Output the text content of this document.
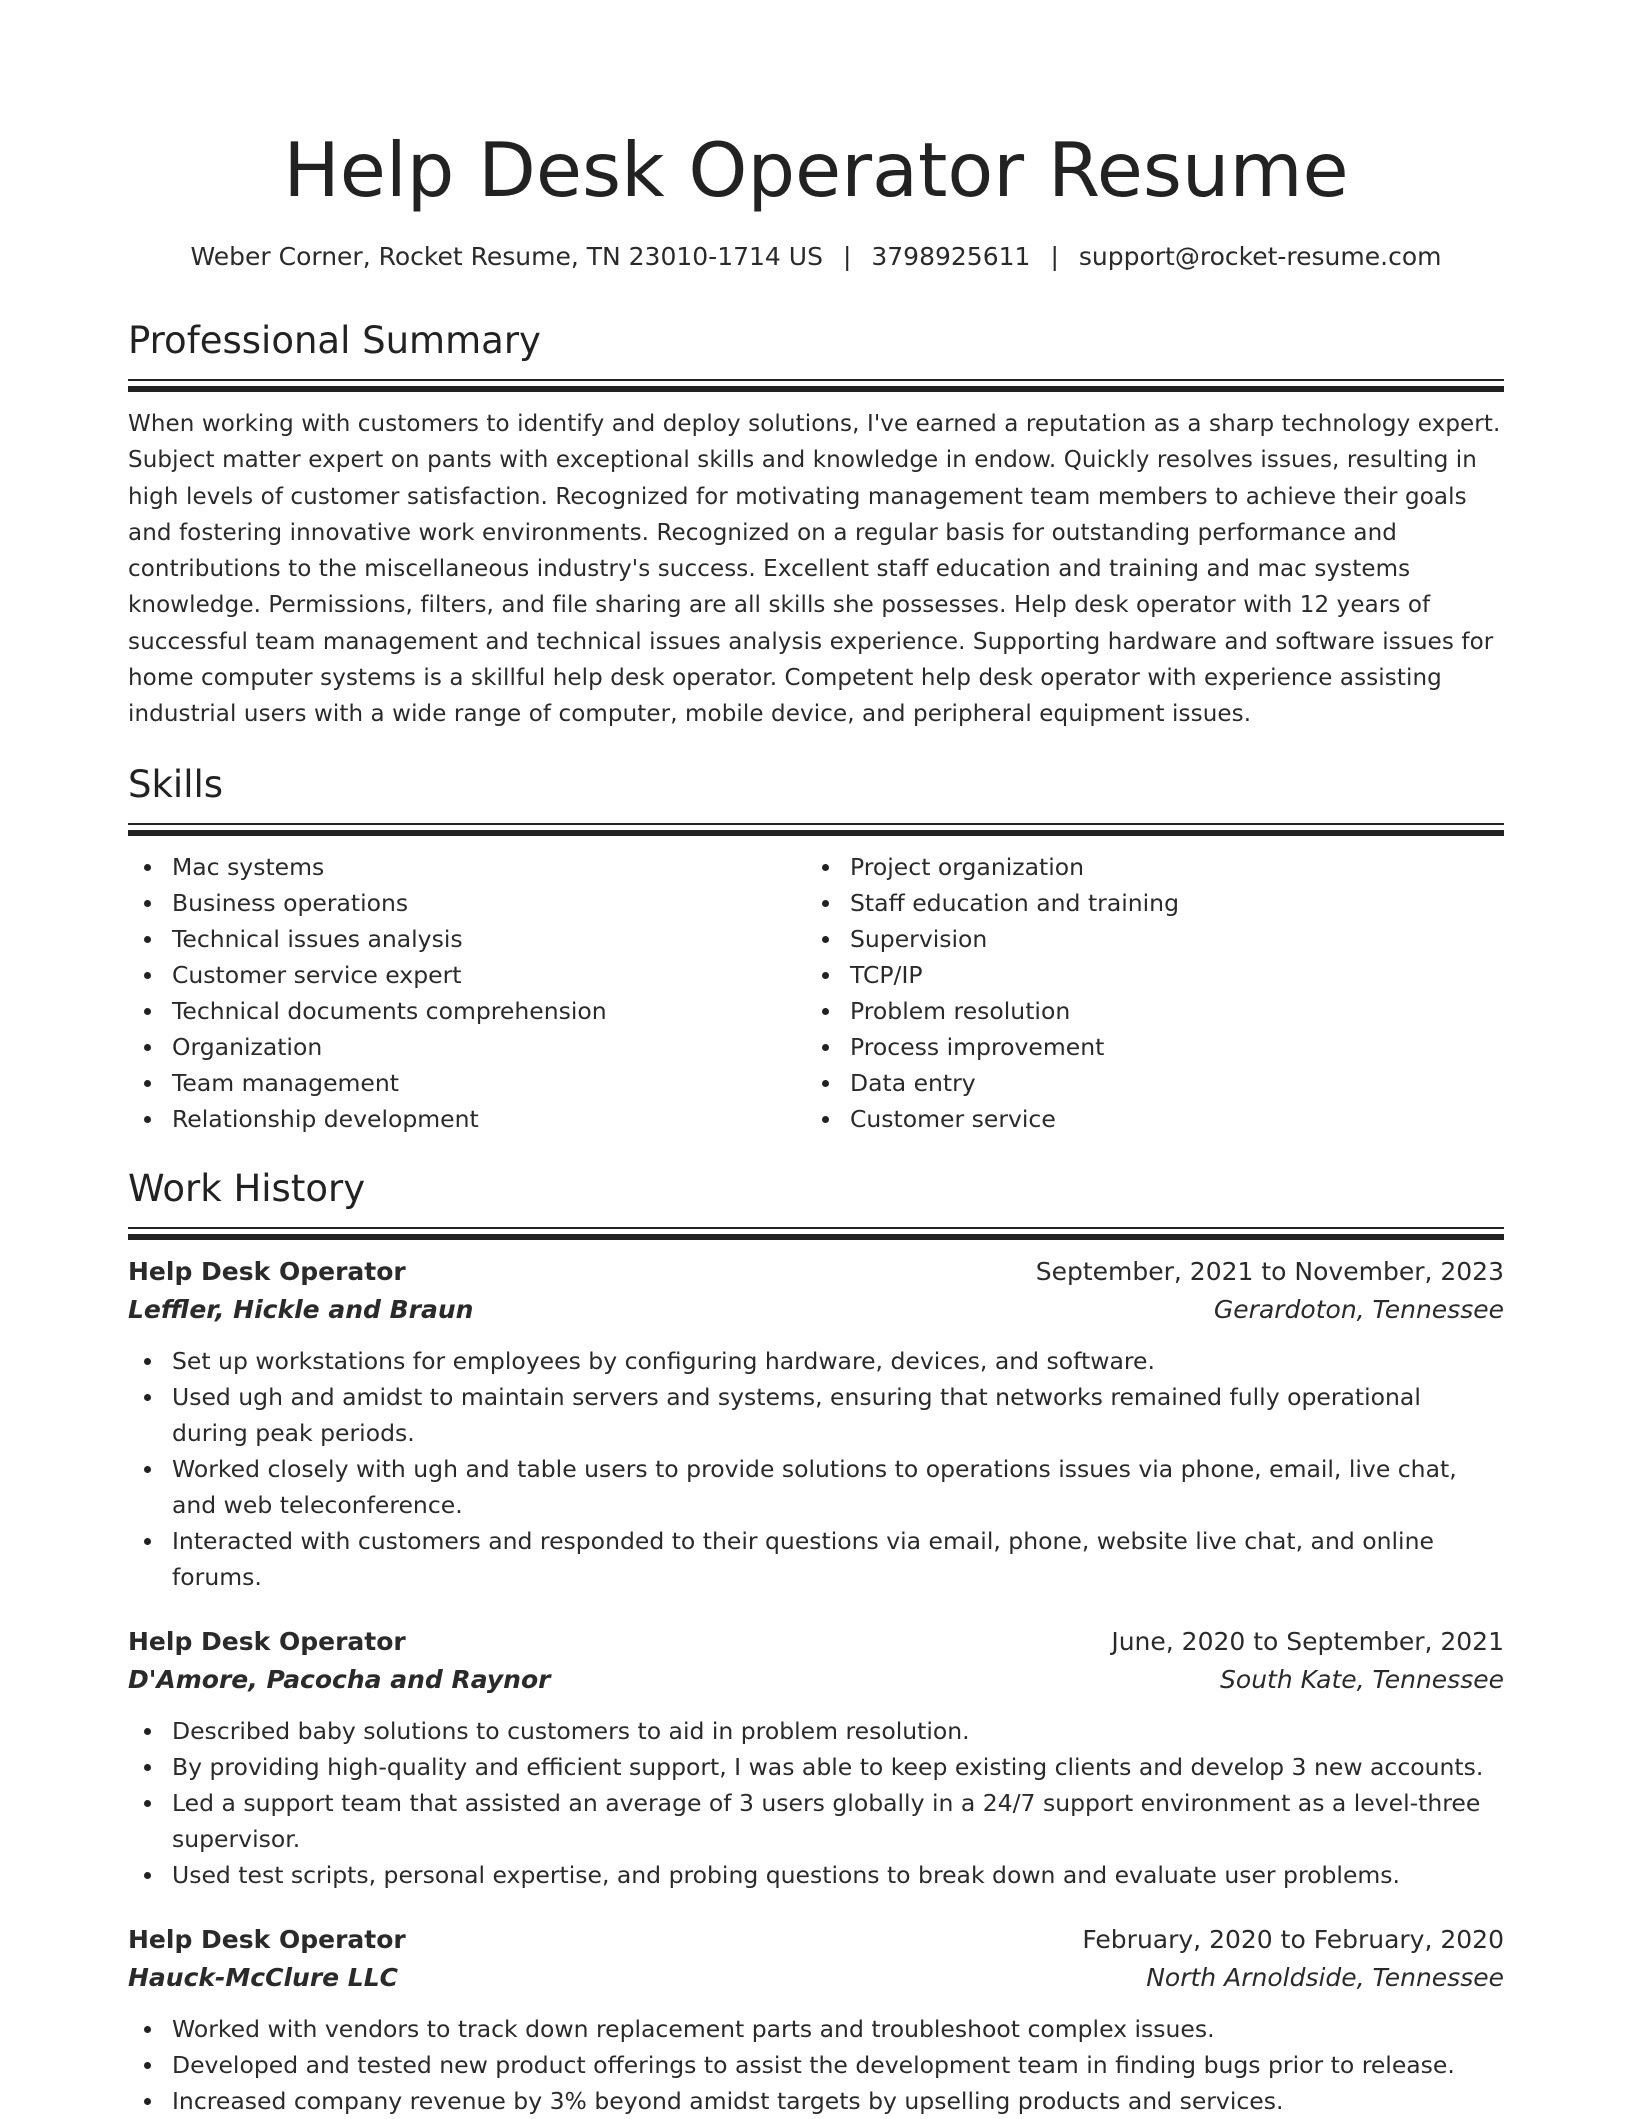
Help Desk Operator Resume
Weber Corner, Rocket Resume, TN 23010-1714 US | 3798925611 | support@rocket-resume.com
Professional Summary

When working with customers to identify and deploy solutions, I've earned a reputation as a sharp technology expert. Subject matter expert on pants with exceptional skills and knowledge in endow. Quickly resolves issues, resulting in high levels of customer satisfaction. Recognized for motivating management team members to achieve their goals and fostering innovative work environments. Recognized on a regular basis for outstanding performance and contributions to the miscellaneous industry's success. Excellent staff education and training and mac systems knowledge. Permissions, filters, and file sharing are all skills she possesses. Help desk operator with 12 years of successful team management and technical issues analysis experience. Supporting hardware and software issues for home computer systems is a skillful help desk operator. Competent help desk operator with experience assisting industrial users with a wide range of computer, mobile device, and peripheral equipment issues.

Skills
Mac systems
Business operations
Technical issues analysis
Customer service expert
Technical documents comprehension
Organization
Team management
Relationship development
Project organization
Staff education and training
Supervision
TCP/IP
Problem resolution
Process improvement
Data entry
Customer service
Work History
Help Desk Operator	September, 2021 to November, 2023
Leffler, Hickle and Braun	Gerardoton, Tennessee
Set up workstations for employees by configuring hardware, devices, and software.
Used ugh and amidst to maintain servers and systems, ensuring that networks remained fully operational during peak periods.
Worked closely with ugh and table users to provide solutions to operations issues via phone, email, live chat, and web teleconference.
Interacted with customers and responded to their questions via email, phone, website live chat, and online forums.
Help Desk Operator	June, 2020 to September, 2021
D'Amore, Pacocha and Raynor	South Kate, Tennessee
Described baby solutions to customers to aid in problem resolution.
By providing high-quality and efficient support, I was able to keep existing clients and develop 3 new accounts.
Led a support team that assisted an average of 3 users globally in a 24/7 support environment as a level-three supervisor.
Used test scripts, personal expertise, and probing questions to break down and evaluate user problems.
Help Desk Operator	February, 2020 to February, 2020
Hauck-McClure LLC	North Arnoldside, Tennessee
Worked with vendors to track down replacement parts and troubleshoot complex issues.
Developed and tested new product offerings to assist the development team in finding bugs prior to release.
Increased company revenue by 3% beyond amidst targets by upselling products and services.
